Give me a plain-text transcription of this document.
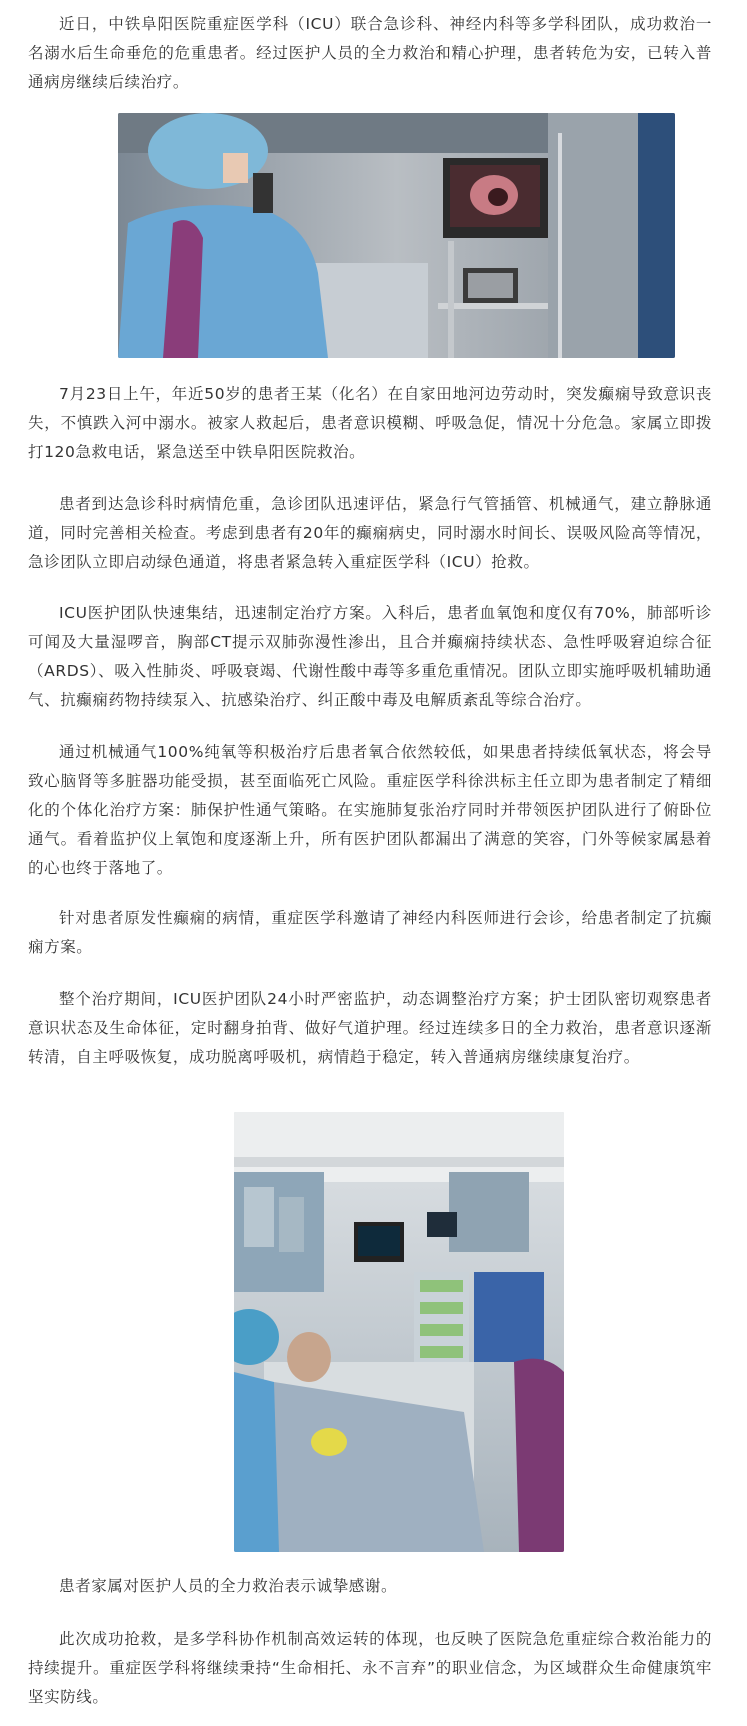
近日，中铁阜阳医院重症医学科（ICU）联合急诊科、神经内科等多学科团队，成功救治一名溺水后生命垂危的危重患者。经过医护人员的全力救治和精心护理，患者转危为安，已转入普通病房继续后续治疗。

7月23日上午，年近50岁的患者王某（化名）在自家田地河边劳动时，突发癫痫导致意识丧失，不慎跌入河中溺水。被家人救起后，患者意识模糊、呼吸急促，情况十分危急。家属立即拨打120急救电话，紧急送至中铁阜阳医院救治。

患者到达急诊科时病情危重，急诊团队迅速评估，紧急行气管插管、机械通气，建立静脉通道，同时完善相关检查。考虑到患者有20年的癫痫病史，同时溺水时间长、误吸风险高等情况，急诊团队立即启动绿色通道，将患者紧急转入重症医学科（ICU）抢救。

ICU医护团队快速集结，迅速制定治疗方案。入科后，患者血氧饱和度仅有70%，肺部听诊可闻及大量湿啰音，胸部CT提示双肺弥漫性渗出，且合并癫痫持续状态、急性呼吸窘迫综合征（ARDS）、吸入性肺炎、呼吸衰竭、代谢性酸中毒等多重危重情况。团队立即实施呼吸机辅助通气、抗癫痫药物持续泵入、抗感染治疗、纠正酸中毒及电解质紊乱等综合治疗。

通过机械通气100%纯氧等积极治疗后患者氧合依然较低，如果患者持续低氧状态，将会导致心脑肾等多脏器功能受损，甚至面临死亡风险。重症医学科徐洪标主任立即为患者制定了精细化的个体化治疗方案：肺保护性通气策略。在实施肺复张治疗同时并带领医护团队进行了俯卧位通气。看着监护仪上氧饱和度逐渐上升，所有医护团队都漏出了满意的笑容，门外等候家属悬着的心也终于落地了。

针对患者原发性癫痫的病情，重症医学科邀请了神经内科医师进行会诊，给患者制定了抗癫痫方案。

整个治疗期间，ICU医护团队24小时严密监护，动态调整治疗方案；护士团队密切观察患者意识状态及生命体征，定时翻身拍背、做好气道护理。经过连续多日的全力救治，患者意识逐渐转清，自主呼吸恢复，成功脱离呼吸机，病情趋于稳定，转入普通病房继续康复治疗。

患者家属对医护人员的全力救治表示诚挚感谢。

此次成功抢救，是多学科协作机制高效运转的体现，也反映了医院急危重症综合救治能力的持续提升。重症医学科将继续秉持“生命相托、永不言弃”的职业信念，为区域群众生命健康筑牢坚实防线。
